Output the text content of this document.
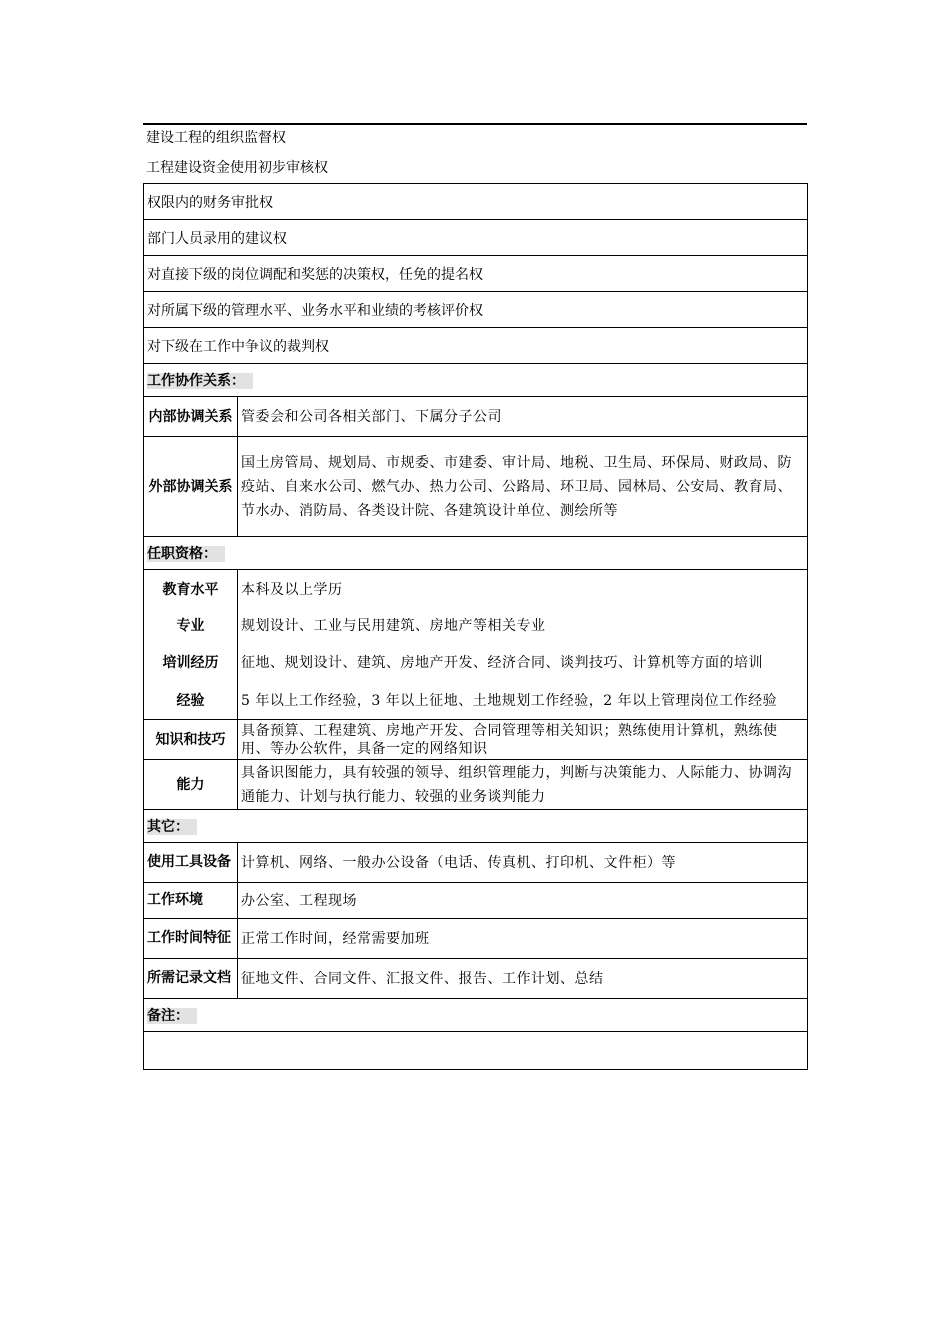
建设工程的组织监督权
工程建设资金使用初步审核权
权限内的财务审批权	
部门人员录用的建议权	
对直接下级的岗位调配和奖惩的决策权，任免的提名权	
对所属下级的管理水平、业务水平和业绩的考核评价权	
对下级在工作中争议的裁判权	
工作协作关系：	
内部协调关系	管委会和公司各相关部门、下属分子公司
外部协调关系	国土房管局、规划局、市规委、市建委、审计局、地税、卫生局、环保局、财政局、防疫站、自来水公司、燃气办、热力公司、公路局、环卫局、园林局、公安局、教育局、节水办、消防局、各类设计院、各建筑设计单位、测绘所等
任职资格：	
教育水平	本科及以上学历
专业	规划设计、工业与民用建筑、房地产等相关专业
培训经历	征地、规划设计、建筑、房地产开发、经济合同、谈判技巧、计算机等方面的培训
经验	5 年以上工作经验，3 年以上征地、土地规划工作经验，2 年以上管理岗位工作经验
知识和技巧	具备预算、工程建筑、房地产开发、合同管理等相关知识；熟练使用计算机，熟练使用、等办公软件，具备一定的网络知识
能力	具备识图能力，具有较强的领导、组织管理能力，判断与决策能力、人际能力、协调沟通能力、计划与执行能力、较强的业务谈判能力
其它：	
使用工具设备	计算机、网络、一般办公设备（电话、传真机、打印机、文件柜）等
工作环境	办公室、工程现场
工作时间特征	正常工作时间，经常需要加班
所需记录文档	征地文件、合同文件、汇报文件、报告、工作计划、总结
备注：	
